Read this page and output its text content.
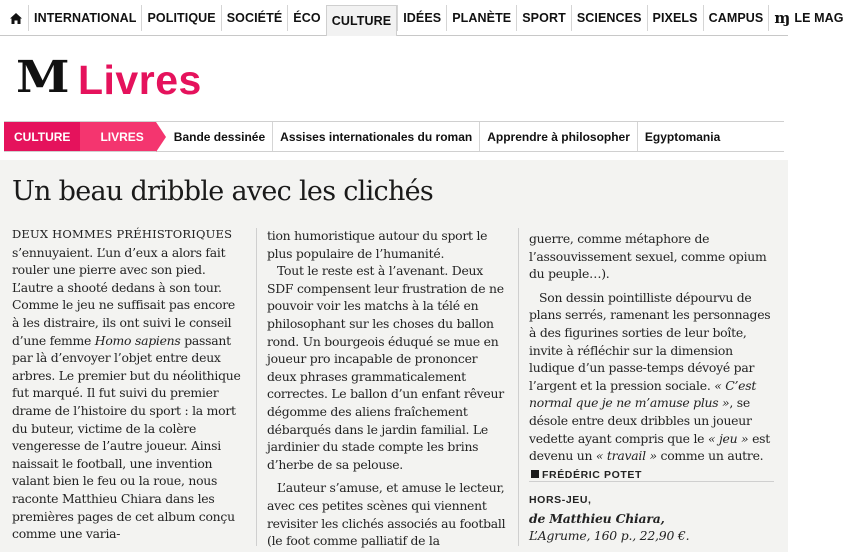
INTERNATIONAL POLITIQUE SOCIÉTÉ ÉCO CULTURE IDÉES PLANÈTE SPORT SCIENCES PIXELS CAMPUS ɱ LE MAG
M Livres
CULTURE	LIVRES	Bande dessinée	Assises internationales du roman	Apprendre à philosopher	Egyptomania
Un beau dribble avec les clichés

DEUX HOMMES PRÉHISTORIQUES s’ennuyaient. L’un d’eux a alors fait rouler une pierre avec son pied. L’autre a shooté dedans à son tour. Comme le jeu ne suffisait pas encore à les distraire, ils ont suivi le conseil d’une femme Homo sapiens passant par là d’envoyer l’objet entre deux arbres. Le premier but du néolithique fut marqué. Il fut suivi du premier drame de l’histoire du sport : la mort du buteur, victime de la colère vengeresse de l’autre joueur. Ainsi naissait le football, une invention valant bien le feu ou la roue, nous raconte Matthieu Chiara dans les premières pages de cet album conçu comme une varia-

tion humoristique autour du sport le plus populaire de l’humanité.

Tout le reste est à l’avenant. Deux SDF compensent leur frustration de ne pouvoir voir les matchs à la télé en philosophant sur les choses du ballon rond. Un bourgeois éduqué se mue en joueur pro incapable de prononcer deux phrases grammaticalement correctes. Le ballon d’un enfant rêveur dégomme des aliens fraîchement débarqués dans le jardin familial. Le jardinier du stade compte les brins d’herbe de sa pelouse.

L’auteur s’amuse, et amuse le lecteur, avec ces petites scènes qui viennent revisiter les clichés associés au football (le foot comme palliatif de la

guerre, comme métaphore de l’assouvissement sexuel, comme opium du peuple…).

Son dessin pointilliste dépourvu de plans serrés, ramenant les personnages à des figurines sorties de leur boîte, invite à réfléchir sur la dimension ludique d’un passe-temps dévoyé par l’argent et la pression sociale. « C’est normal que je ne m’amuse plus », se désole entre deux dribbles un joueur vedette ayant compris que le « jeu » est devenu un « travail » comme un autre.FRÉDÉRIC POTET

HORS-JEU,
de Matthieu Chiara,
L’Agrume, 160 p., 22,90 €.
